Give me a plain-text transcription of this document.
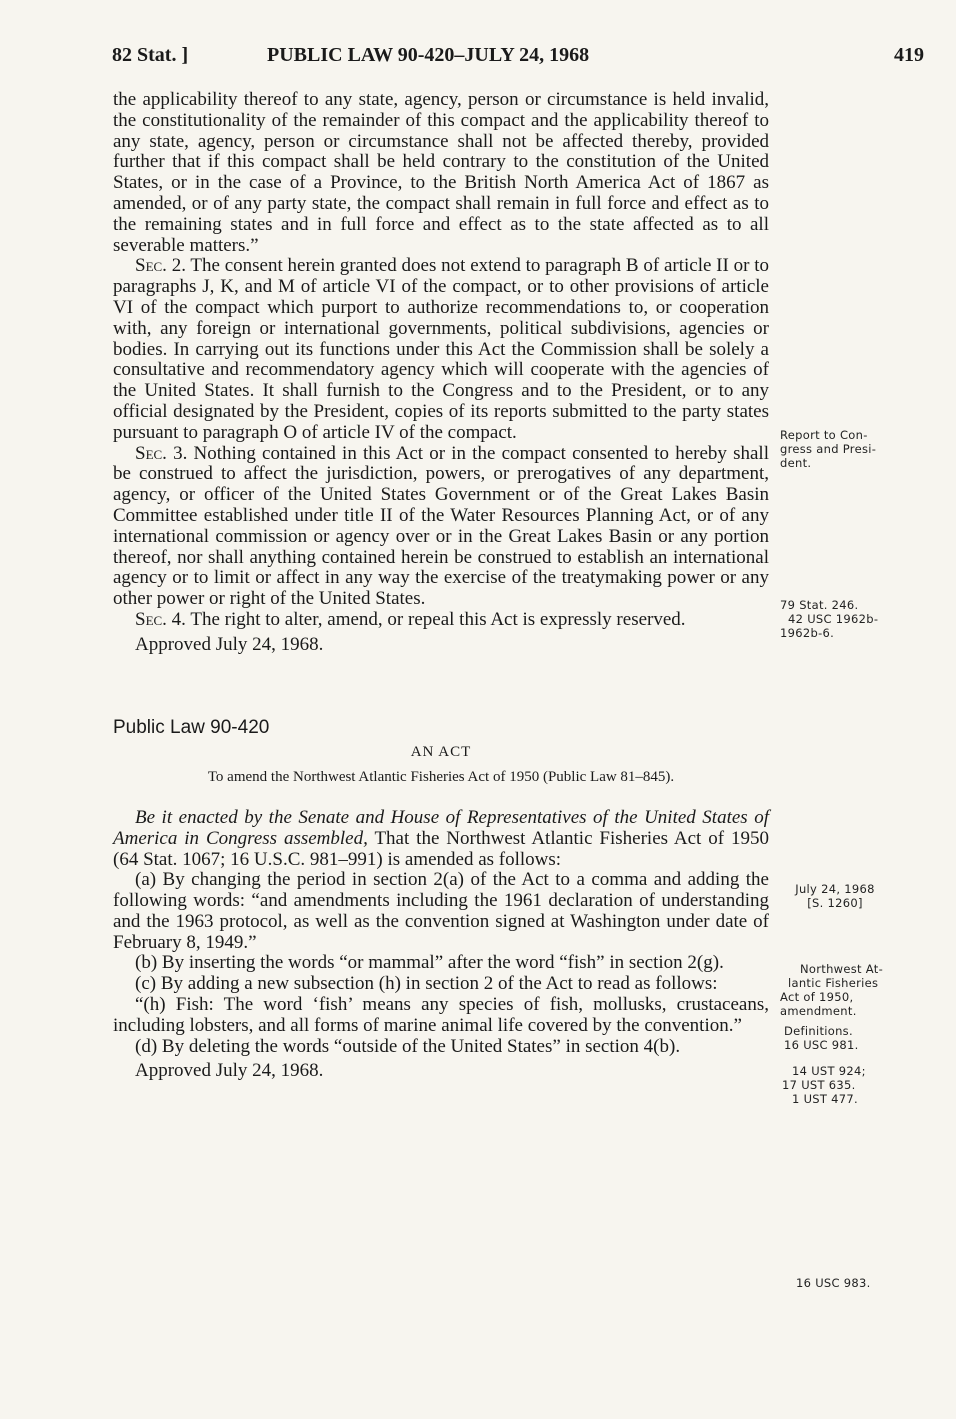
82 Stat. ]	PUBLIC LAW 90-420–JULY 24, 1968	419

the applicability thereof to any state, agency, person or circumstance is held invalid, the constitutionality of the remainder of this compact and the applicability thereof to any state, agency, person or circumstance shall not be affected thereby, provided further that if this compact shall be held contrary to the constitution of the United States, or in the case of a Province, to the British North America Act of 1867 as amended, or of any party state, the compact shall remain in full force and effect as to the remaining states and in full force and effect as to the state affected as to all severable matters.”

Sec. 2. The consent herein granted does not extend to paragraph B of article II or to paragraphs J, K, and M of article VI of the compact, or to other provisions of article VI of the compact which purport to authorize recommendations to, or cooperation with, any foreign or international governments, political subdivisions, agencies or bodies. In carrying out its functions under this Act the Commission shall be solely a consultative and recommendatory agency which will cooperate with the agencies of the United States. It shall furnish to the Congress and to the President, or to any official designated by the President, copies of its reports submitted to the party states pursuant to paragraph O of article IV of the compact.

Sec. 3. Nothing contained in this Act or in the compact consented to hereby shall be construed to affect the jurisdiction, powers, or prerogatives of any department, agency, or officer of the United States Government or of the Great Lakes Basin Committee established under title II of the Water Resources Planning Act, or of any international commission or agency over or in the Great Lakes Basin or any portion thereof, nor shall anything contained herein be construed to establish an international agency or to limit or affect in any way the exercise of the treatymaking power or any other power or right of the United States.

Sec. 4. The right to alter, amend, or repeal this Act is expressly reserved.

Approved July 24, 1968.

Public Law 90-420

AN ACT

To amend the Northwest Atlantic Fisheries Act of 1950 (Public Law 81–845).

Be it enacted by the Senate and House of Representatives of the United States of America in Congress assembled, That the Northwest Atlantic Fisheries Act of 1950 (64 Stat. 1067; 16 U.S.C. 981–991) is amended as follows:

(a) By changing the period in section 2(a) of the Act to a comma and adding the following words: “and amendments including the 1961 declaration of understanding and the 1963 protocol, as well as the convention signed at Washington under date of February 8, 1949.”

(b) By inserting the words “or mammal” after the word “fish” in section 2(g).

(c) By adding a new subsection (h) in section 2 of the Act to read as follows:

“(h) Fish: The word ‘fish’ means any species of fish, mollusks, crustaceans, including lobsters, and all forms of marine animal life covered by the convention.”

(d) By deleting the words “outside of the United States” in section 4(b).

Approved July 24, 1968.

Report to Con-
gress and Presi-
dent.
79 Stat. 246.
42 USC 1962b-
1962b-6.
July 24, 1968
[S. 1260]
Northwest At-
lantic Fisheries
Act of 1950,
amendment.
Definitions.
16 USC 981.
14 UST 924;
17 UST 635.
1 UST 477.
16 USC 983.
